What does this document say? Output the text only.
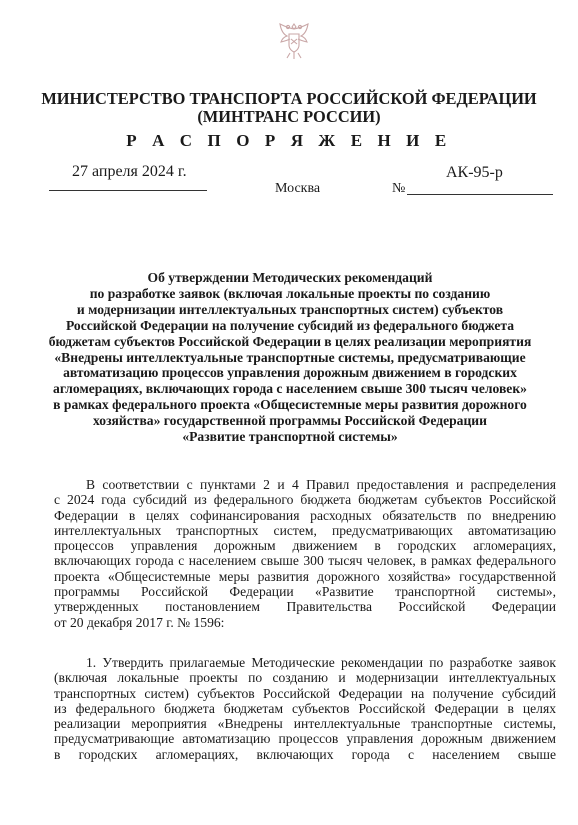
МИНИСТЕРСТВО ТРАНСПОРТА РОССИЙСКОЙ ФЕДЕРАЦИИ
(МИНТРАНС РОССИИ)
Р А С П О Р Я Ж Е Н И Е
27 апреля 2024 г.
Москва	№
АК-95-р
Об утверждении Методических рекомендаций
по разработке заявок (включая локальные проекты по созданию
и модернизации интеллектуальных транспортных систем) субъектов
Российской Федерации на получение субсидий из федерального бюджета
бюджетам субъектов Российской Федерации в целях реализации мероприятия
«Внедрены интеллектуальные транспортные системы, предусматривающие
автоматизацию процессов управления дорожным движением в городских
агломерациях, включающих города с населением свыше 300 тысяч человек»
в рамках федерального проекта «Общесистемные меры развития дорожного
хозяйства» государственной программы Российской Федерации
«Развитие транспортной системы»
В соответствии с пунктами 2 и 4 Правил предоставления и распределения
с 2024 года субсидий из федерального бюджета бюджетам субъектов Российской
Федерации в целях софинансирования расходных обязательств по внедрению
интеллектуальных транспортных систем, предусматривающих автоматизацию
процессов управления дорожным движением в городских агломерациях,
включающих города с населением свыше 300 тысяч человек, в рамках федерального
проекта «Общесистемные меры развития дорожного хозяйства» государственной
программы Российской Федерации «Развитие транспортной системы»,
утвержденных постановлением Правительства Российской Федерации
от 20 декабря 2017 г. № 1596:
1. Утвердить прилагаемые Методические рекомендации по разработке заявок
(включая локальные проекты по созданию и модернизации интеллектуальных
транспортных систем) субъектов Российской Федерации на получение субсидий
из федерального бюджета бюджетам субъектов Российской Федерации в целях
реализации мероприятия «Внедрены интеллектуальные транспортные системы,
предусматривающие автоматизацию процессов управления дорожным движением
в городских агломерациях, включающих города с населением свыше
